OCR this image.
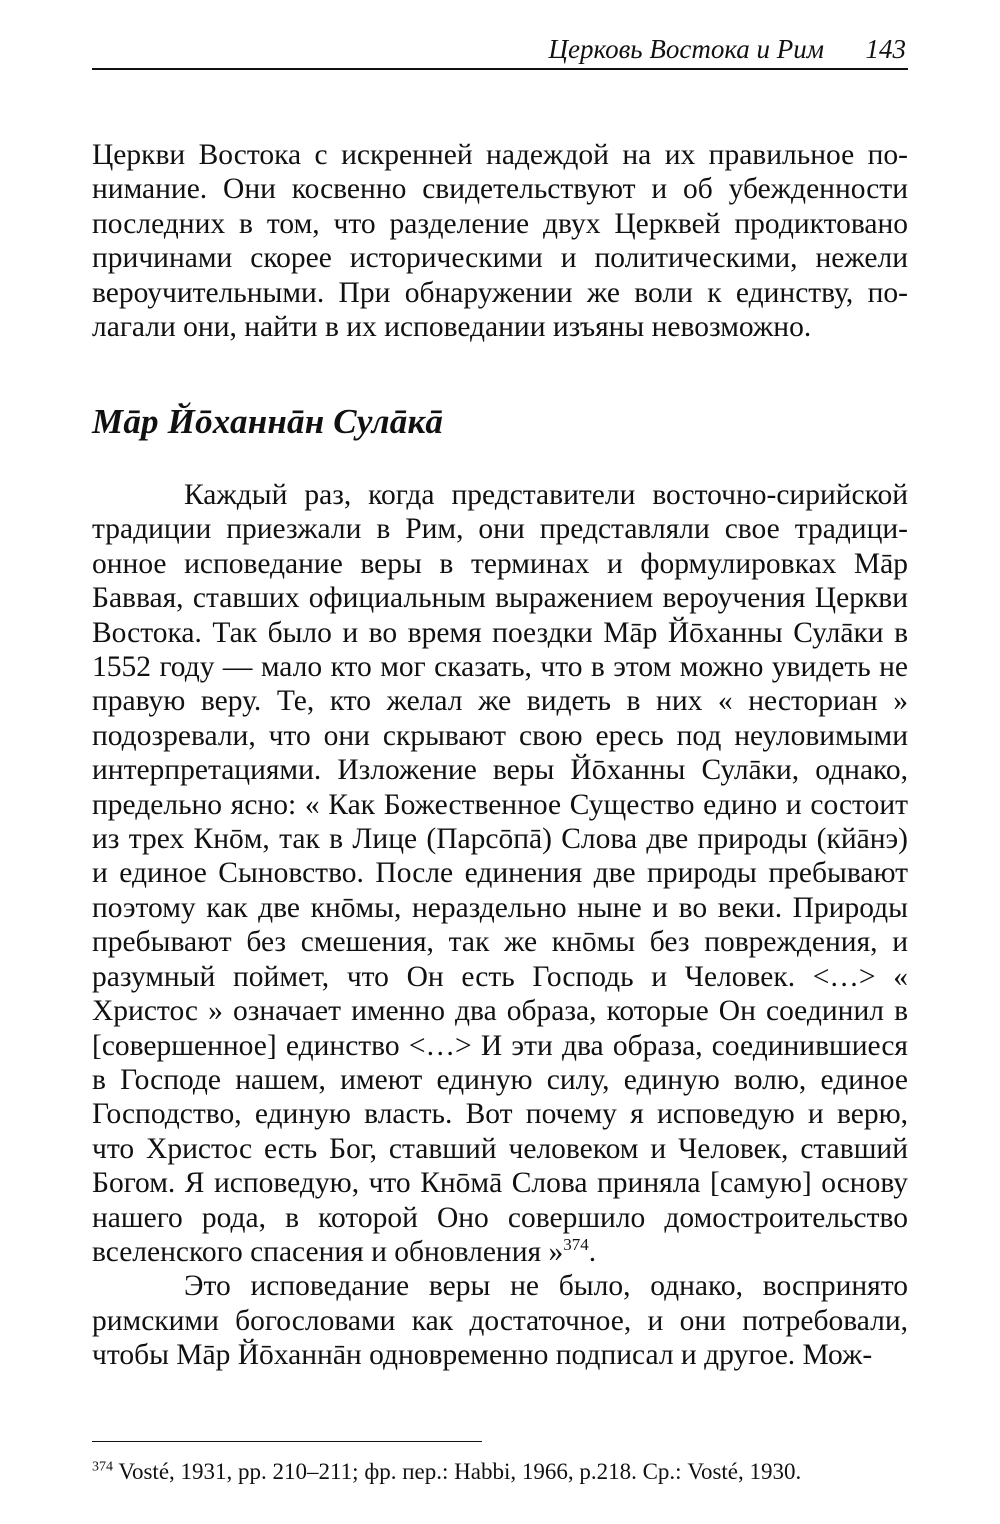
Церковь Востока и Рим 143

Церкви Востока с искренней надеждой на их правильное понимание. Они косвенно свидетельствуют и об убежденности последних в том, что разделение двух Церквей продиктовано причинами скорее историческими и политическими, нежели вероучительными. При обнаружении же воли к единству, полагали они, найти в их исповедании изъяны невозможно.

Мāр Йōханнāн Сулāкā

Каждый раз, когда представители восточно-сирийской традиции приезжали в Рим, они представляли свое традиционное исповедание веры в терминах и формулировках Мāр Баввая, ставших официальным выражением вероучения Церкви Востока. Так было и во время поездки Мāр Йōханны Сулāки в 1552 году — мало кто мог сказать, что в этом можно увидеть не правую веру. Те, кто желал же видеть в них « несториан » подозревали, что они скрывают свою ересь под неуловимыми интерпретациями. Изложение веры Йōханны Сулāки, однако, предельно ясно: « Как Божественное Существо едино и состоит из трех Кнōм, так в Лице (Парсōпā) Слова две природы (кйāнэ) и единое Сыновство. После единения две природы пребывают поэтому как две кнōмы, нераздельно ныне и во веки. Природы пребывают без смешения, так же кнōмы без повреждения, и разумный поймет, что Он есть Господь и Человек. <…> « Христос » означает именно два образа, которые Он соединил в [совершенное] единство <…> И эти два образа, соединившиеся в Господе нашем, имеют единую силу, единую волю, единое Господство, единую власть. Вот почему я исповедую и верю, что Христос есть Бог, ставший человеком и Человек, ставший Богом. Я исповедую, что Кнōмā Слова приняла [самую] основу нашего рода, в которой Оно совершило домостроительство вселенского спасения и обновления »$^{374}$.

Это исповедание веры не было, однако, воспринято римскими богословами как достаточное, и они потребовали, чтобы Мāр Йōханнāн одновременно подписал и другое. Мож-

$^{374}$ Vosté, 1931, pp. 210–211; фр. пер.: Habbi, 1966, p.218. Ср.: Vosté, 1930.
